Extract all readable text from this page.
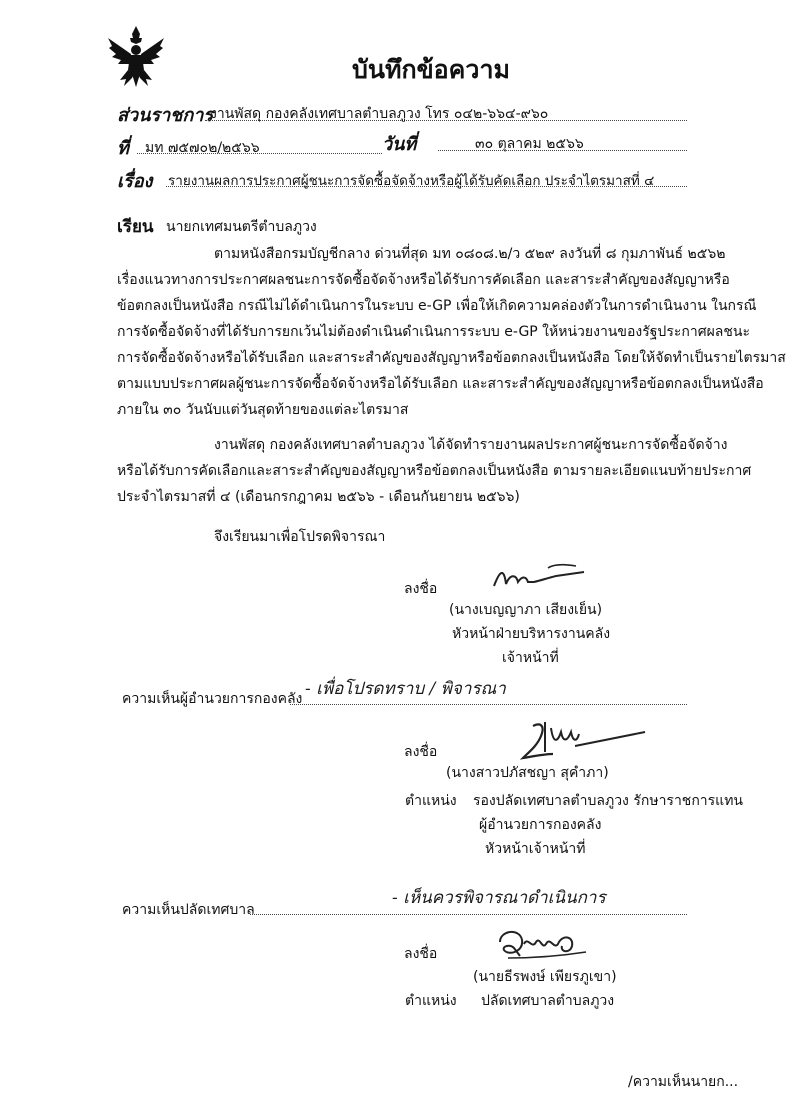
บันทึกข้อความ
ส่วนราชการ
งานพัสดุ กองคลังเทศบาลตำบลภูวง โทร ๐๔๒-๖๖๔-๙๖๐
ที่ มท ๗๕๗๐๒/๒๕๖๖	วันที่	๓๐ ตุลาคม ๒๕๖๖
เรื่อง รายงานผลการประกาศผู้ชนะการจัดซื้อจัดจ้างหรือผู้ได้รับคัดเลือก ประจำไตรมาสที่ ๔
เรียน นายกเทศมนตรีตำบลภูวง

ตามหนังสือกรมบัญชีกลาง ด่วนที่สุด มท ๐๘๐๘.๒/ว ๕๒๙ ลงวันที่ ๘ กุมภาพันธ์ ๒๕๖๒

เรื่องแนวทางการประกาศผลชนะการจัดซื้อจัดจ้างหรือได้รับการคัดเลือก และสาระสำคัญของสัญญาหรือ

ข้อตกลงเป็นหนังสือ กรณีไม่ได้ดำเนินการในระบบ e-GP เพื่อให้เกิดความคล่องตัวในการดำเนินงาน ในกรณี

การจัดซื้อจัดจ้างที่ได้รับการยกเว้นไม่ต้องดำเนินดำเนินการระบบ e-GP ให้หน่วยงานของรัฐประกาศผลชนะ

การจัดซื้อจัดจ้างหรือได้รับเลือก และสาระสำคัญของสัญญาหรือข้อตกลงเป็นหนังสือ โดยให้จัดทำเป็นรายไตรมาส

ตามแบบประกาศผลผู้ชนะการจัดซื้อจัดจ้างหรือได้รับเลือก และสาระสำคัญของสัญญาหรือข้อตกลงเป็นหนังสือ

ภายใน ๓๐ วันนับแต่วันสุดท้ายของแต่ละไตรมาส

งานพัสดุ กองคลังเทศบาลตำบลภูวง ได้จัดทำรายงานผลประกาศผู้ชนะการจัดซื้อจัดจ้าง

หรือได้รับการคัดเลือกและสาระสำคัญของสัญญาหรือข้อตกลงเป็นหนังสือ ตามรายละเอียดแนบท้ายประกาศ

ประจำไตรมาสที่ ๔ (เดือนกรกฎาคม ๒๕๖๖ - เดือนกันยายน ๒๕๖๖)

จึงเรียนมาเพื่อโปรดพิจารณา
ลงชื่อ
(นางเบญญาภา เสียงเย็น)
หัวหน้าฝ่ายบริหารงานคลัง
เจ้าหน้าที่
ความเห็นผู้อำนวยการกองคลัง - เพื่อโปรดทราบ / พิจารณา
ลงชื่อ
(นางสาวปภัสชญา สุคำภา)
ตำแหน่ง รองปลัดเทศบาลตำบลภูวง รักษาราชการแทน
ผู้อำนวยการกองคลัง
หัวหน้าเจ้าหน้าที่
ความเห็นปลัดเทศบาล
- เห็นควรพิจารณาดำเนินการ
ลงชื่อ
(นายธีรพงษ์ เพียรภูเขา)
ตำแหน่ง ปลัดเทศบาลตำบลภูวง
/ความเห็นนายก...
